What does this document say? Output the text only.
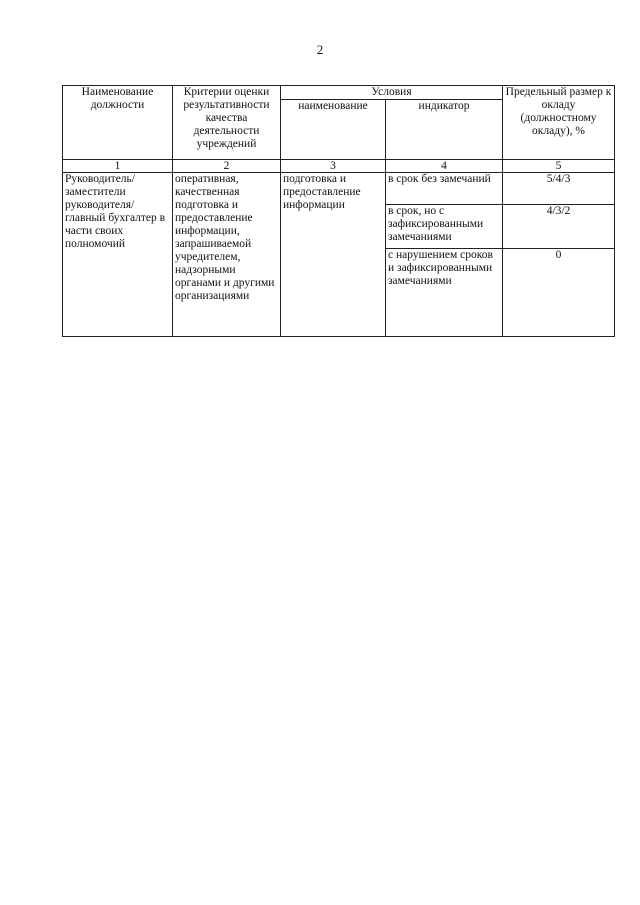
2
Наименование должности	Критерии оценки результативности качества деятельности учреждений	Условия		Предельный размер к окладу (должностному окладу), %
		наименование	индикатор	
1	2	3	4	5
Руководитель/ заместители руководителя/ главный бухгалтер в части своих полномочий	оперативная, качественная подготовка и предоставление информации, запрашиваемой учредителем, надзорными органами и другими организациями	подготовка и предоставление информации	в срок без замечаний	5/4/3
			в срок, но с зафиксированными замечаниями	4/3/2
			с нарушением сроков и зафиксированными замечаниями	0
